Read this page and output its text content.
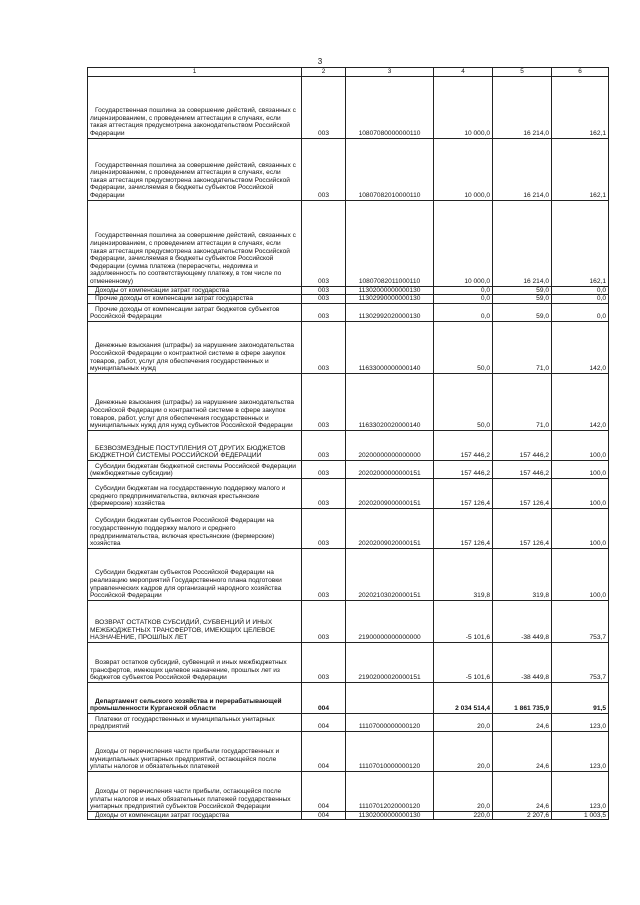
3
1	2	3	4	5	6
Государственная пошлина за совершение действий, связанных с лицензированием, с проведением аттестации в случаях, если такая аттестация предусмотрена законодательством Российской Федерации	003	10807080000000110	10 000,0	16 214,0	162,1
Государственная пошлина за совершение действий, связанных с лицензированием, с проведением аттестации в случаях, если такая аттестация предусмотрена законодательством Российской Федерации, зачисляемая в бюджеты субъектов Российской Федерации	003	10807082010000110	10 000,0	16 214,0	162,1
Государственная пошлина за совершение действий, связанных с лицензированием, с проведением аттестации в случаях, если такая аттестация предусмотрена законодательством Российской Федерации, зачисляемая в бюджеты субъектов Российской Федерации (сумма платежа (перерасчеты, недоимка и задолженность по соответствующему платежу, в том числе по отмененному)	003	10807082011000110	10 000,0	16 214,0	162,1
Доходы от компенсации затрат государства	003	11302000000000130	0,0	59,0	0,0
Прочие доходы от компенсации затрат государства	003	11302990000000130	0,0	59,0	0,0
Прочие доходы от компенсации затрат бюджетов субъектов Российской Федерации	003	11302992020000130	0,0	59,0	0,0
Денежные взыскания (штрафы) за нарушение законодательства Российской Федерации о контрактной системе в сфере закупок товаров, работ, услуг для обеспечения государственных и муниципальных нужд	003	11633000000000140	50,0	71,0	142,0
Денежные взыскания (штрафы) за нарушение законодательства Российской Федерации о контрактной системе в сфере закупок товаров, работ, услуг для обеспечения государственных и муниципальных нужд для нужд субъектов Российской Федерации	003	11633020020000140	50,0	71,0	142,0
БЕЗВОЗМЕЗДНЫЕ ПОСТУПЛЕНИЯ ОТ ДРУГИХ БЮДЖЕТОВ БЮДЖЕТНОЙ СИСТЕМЫ РОССИЙСКОЙ ФЕДЕРАЦИИ	003	20200000000000000	157 446,2	157 446,2	100,0
Субсидии бюджетам бюджетной системы Российской Федерации (межбюджетные субсидии)	003	20202000000000151	157 446,2	157 446,2	100,0
Субсидии бюджетам на государственную поддержку малого и среднего предпринимательства, включая крестьянские (фермерские) хозяйства	003	20202009000000151	157 126,4	157 126,4	100,0
Субсидии бюджетам субъектов Российской Федерации на государственную поддержку малого и среднего предпринимательства, включая крестьянские (фермерские) хозяйства	003	20202009020000151	157 126,4	157 126,4	100,0
Субсидии бюджетам субъектов Российской Федерации на реализацию мероприятий Государственного плана подготовки управленческих кадров для организаций народного хозяйства Российской Федерации	003	20202103020000151	319,8	319,8	100,0
ВОЗВРАТ ОСТАТКОВ СУБСИДИЙ, СУБВЕНЦИЙ И ИНЫХ МЕЖБЮДЖЕТНЫХ ТРАНСФЕРТОВ, ИМЕЮЩИХ ЦЕЛЕВОЕ НАЗНАЧЕНИЕ, ПРОШЛЫХ ЛЕТ	003	21900000000000000	-5 101,6	-38 449,8	753,7
Возврат остатков субсидий, субвенций и иных межбюджетных трансфертов, имеющих целевое назначение, прошлых лет из бюджетов субъектов Российской Федерации	003	21902000020000151	-5 101,6	-38 449,8	753,7
Департамент сельского хозяйства и перерабатывающей промышленности Курганской области	004		2 034 514,4	1 861 735,9	91,5
Платежи от государственных и муниципальных унитарных предприятий	004	11107000000000120	20,0	24,6	123,0
Доходы от перечисления части прибыли государственных и муниципальных унитарных предприятий, остающейся после уплаты налогов и обязательных платежей	004	11107010000000120	20,0	24,6	123,0
Доходы от перечисления части прибыли, остающейся после уплаты налогов и иных обязательных платежей государственных унитарных предприятий субъектов Российской Федерации	004	11107012020000120	20,0	24,6	123,0
Доходы от компенсации затрат государства	004	11302000000000130	220,0	2 207,6	1 003,5
